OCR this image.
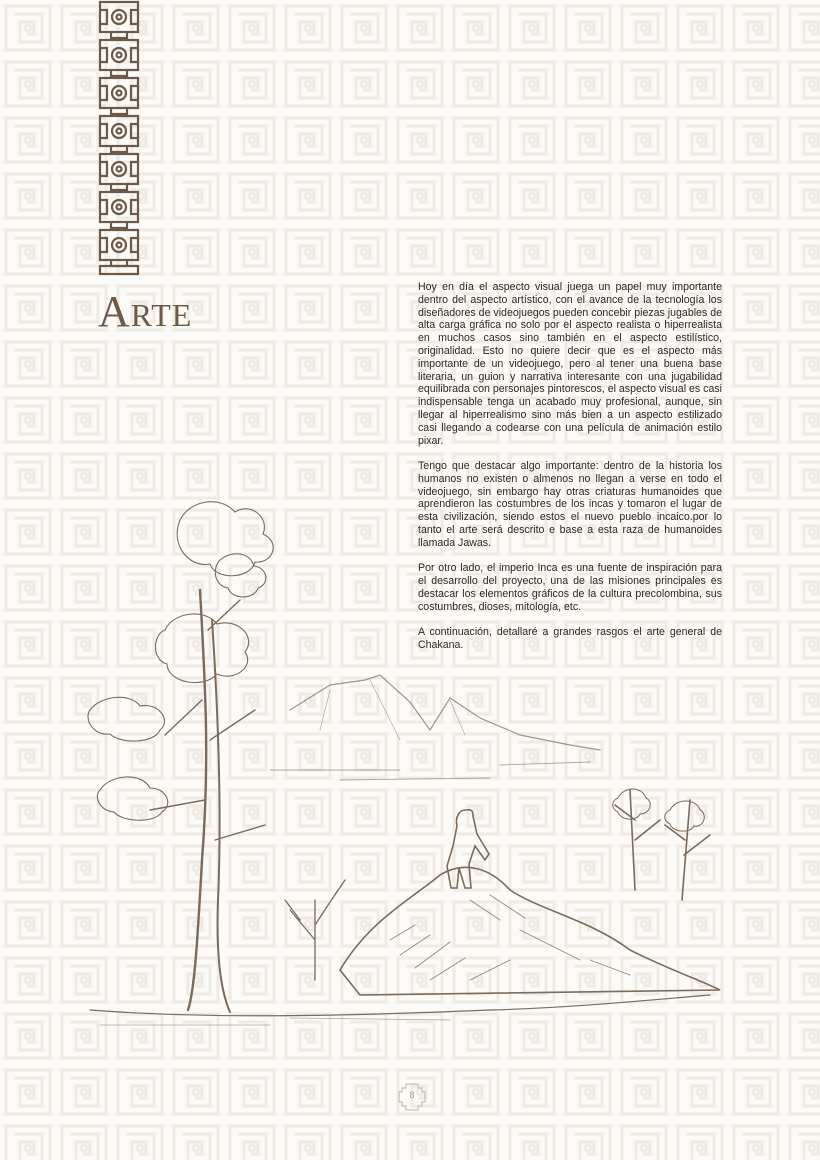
ARTE

Hoy en día el aspecto visual juega un papel muy importante dentro del aspecto artístico, con el avance de la tecnología los diseñadores de videojuegos pueden concebir piezas jugables de alta carga gráfica no solo por el aspecto realista o hiperrealista en muchos casos sino también en el aspecto estilístico, originalidad. Esto no quiere decir que es el aspecto más importante de un videojuego, pero al tener una buena base literaria, un guion y narrativa interesante con una jugabilidad equilibrada con personajes pintorescos, el aspecto visual es casi indispensable tenga un acabado muy profesional, aunque, sin llegar al hiperrealismo sino más bien a un aspecto estilizado casi llegando a codearse con una película de animación estilo pixar.

Tengo que destacar algo importante: dentro de la historia los humanos no existen o almenos no llegan a verse en todo el videojuego, sin embargo hay otras criaturas humanoides que aprendieron las costumbres de los incas y tomaron el lugar de esta civilización, siendo estos el nuevo pueblo incaico.por lo tanto el arte será descrito e base a esta raza de humanoides llamada Jawas.

Por otro lado, el imperio Inca es una fuente de inspiración para el desarrollo del proyecto, una de las misiones principales es destacar los elementos gráficos de la cultura precolombina, sus costumbres, dioses, mitología, etc.

A continuación, detallaré a grandes rasgos el arte general de Chakana.

8
